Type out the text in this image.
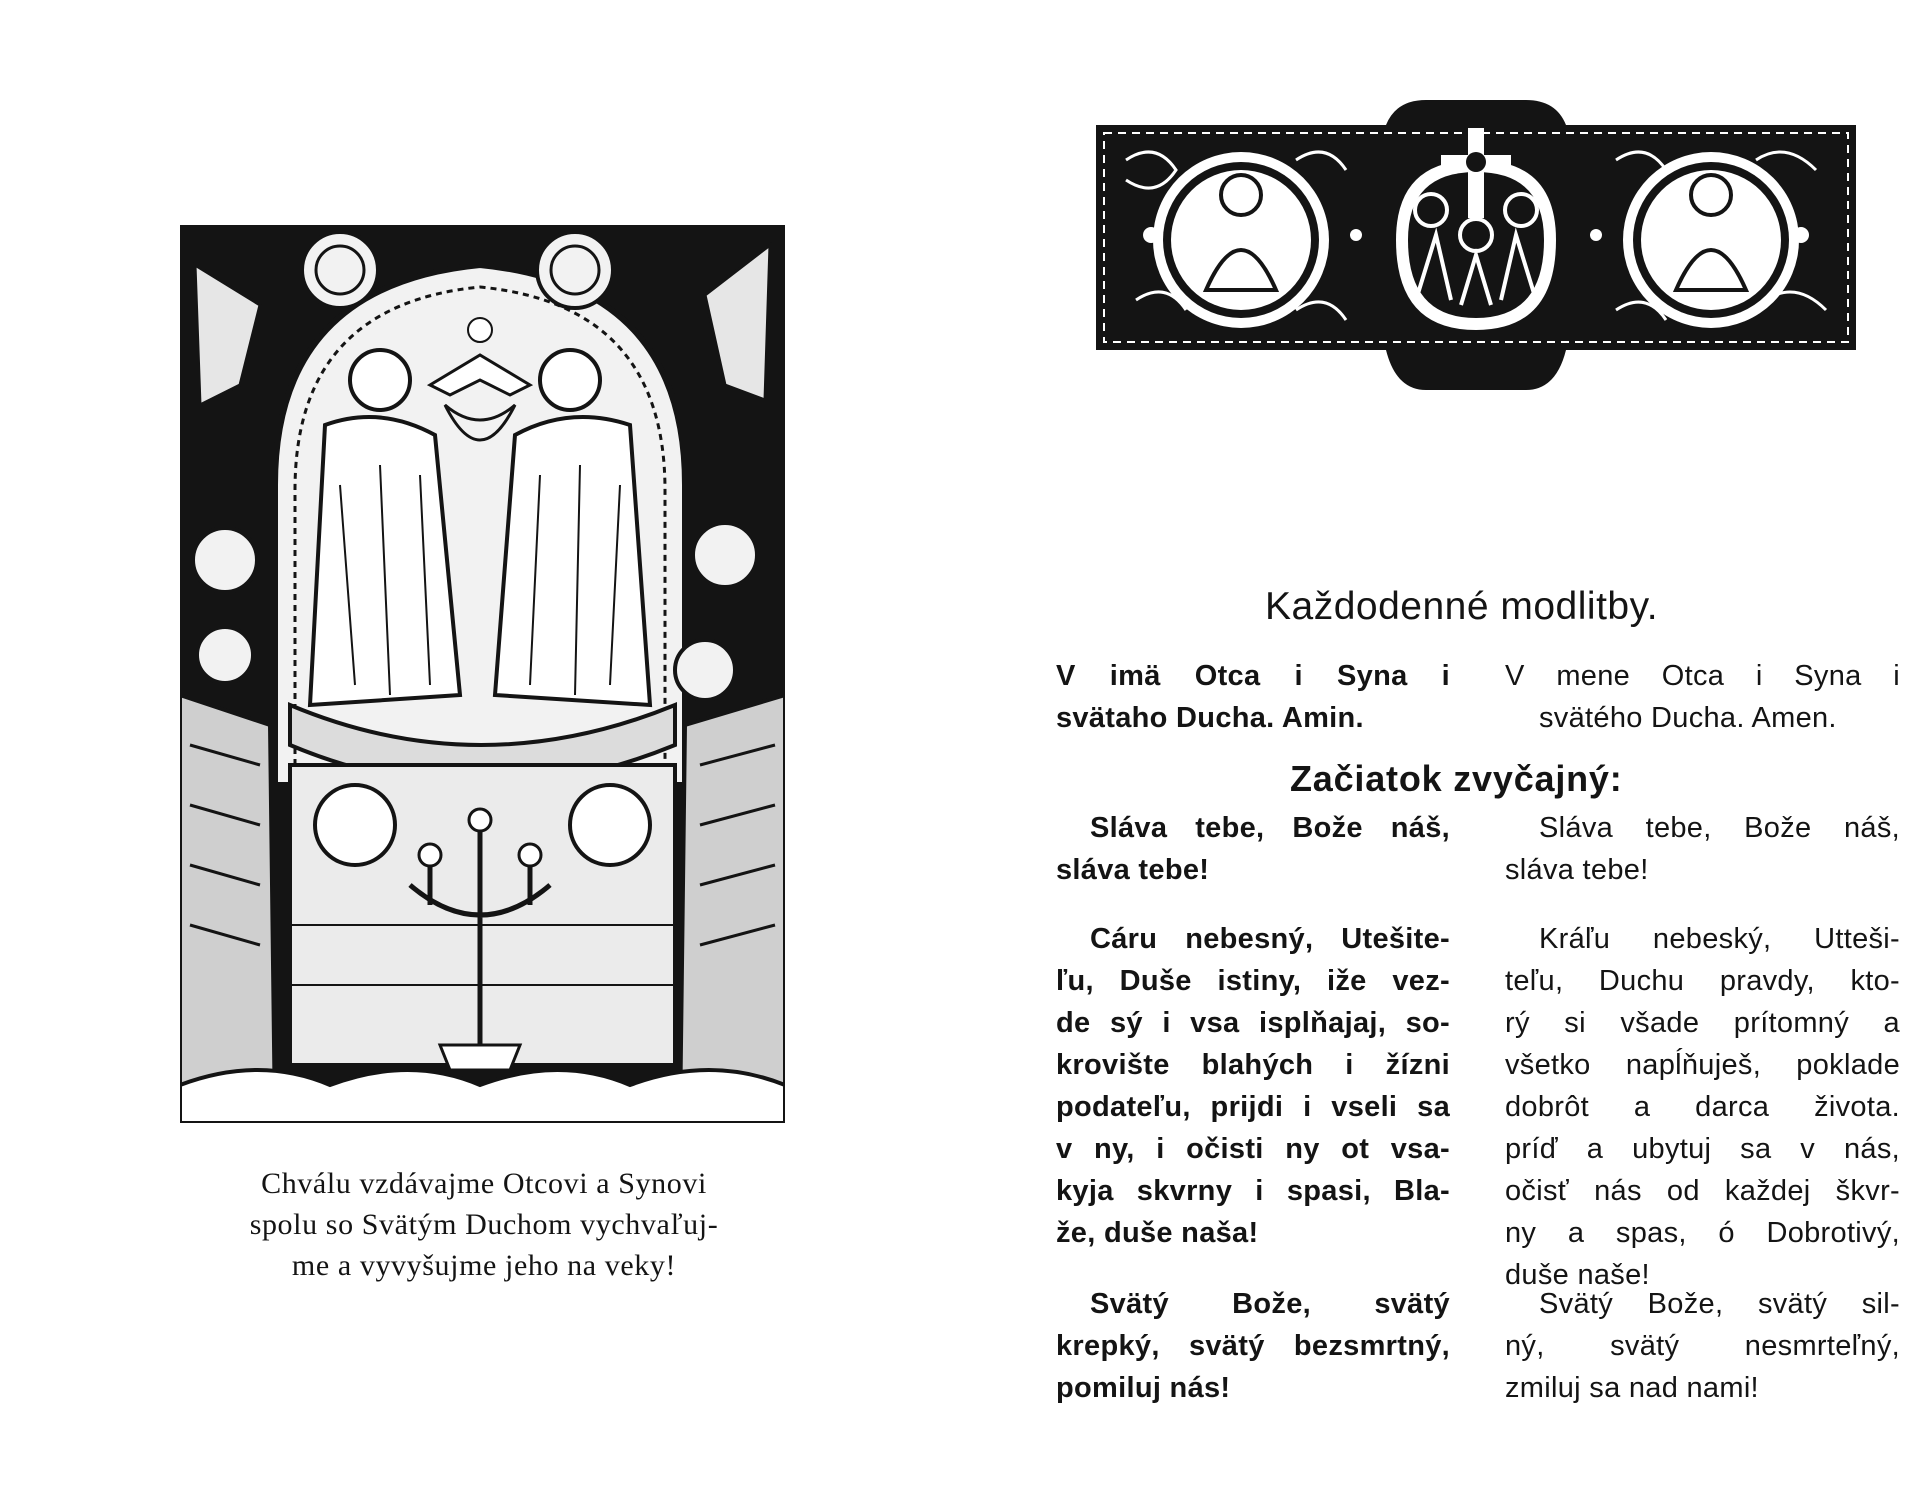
Chválu vzdávajme Otcovi a Synovi
spolu so Svätým Duchom vychvaľuj-
me a vyvyšujme jeho na veky!
Každodenné modlitby.
V imä Otca i Syna i
svätaho Ducha. Amin.
V mene Otca i Syna i
svätého Ducha. Amen.
Začiatok zvyčajný:
Sláva tebe, Bože náš,
sláva tebe!
Sláva tebe, Bože náš,
sláva tebe!
Cáru nebesný, Utešite-
ľu, Duše istiny, iže vez-
de sý i vsa isplňajaj, so-
krovište blahých i žízni
podateľu, prijdi i vseli sa
v ny, i očisti ny ot vsa-
kyja skvrny i spasi, Bla-
že, duše naša!
Kráľu nebeský, Utteši-
teľu, Duchu pravdy, kto-
rý si všade prítomný a
všetko napĺňuješ, poklade
dobrôt a darca života.
príď a ubytuj sa v nás,
očisť nás od každej škvr-
ny a spas, ó Dobrotivý,
duše naše!
Svätý Bože, svätý
krepký, svätý bezsmrtný,
pomiluj nás!
Svätý Bože, svätý sil-
ný, svätý nesmrteľný,
zmiluj sa nad nami!
